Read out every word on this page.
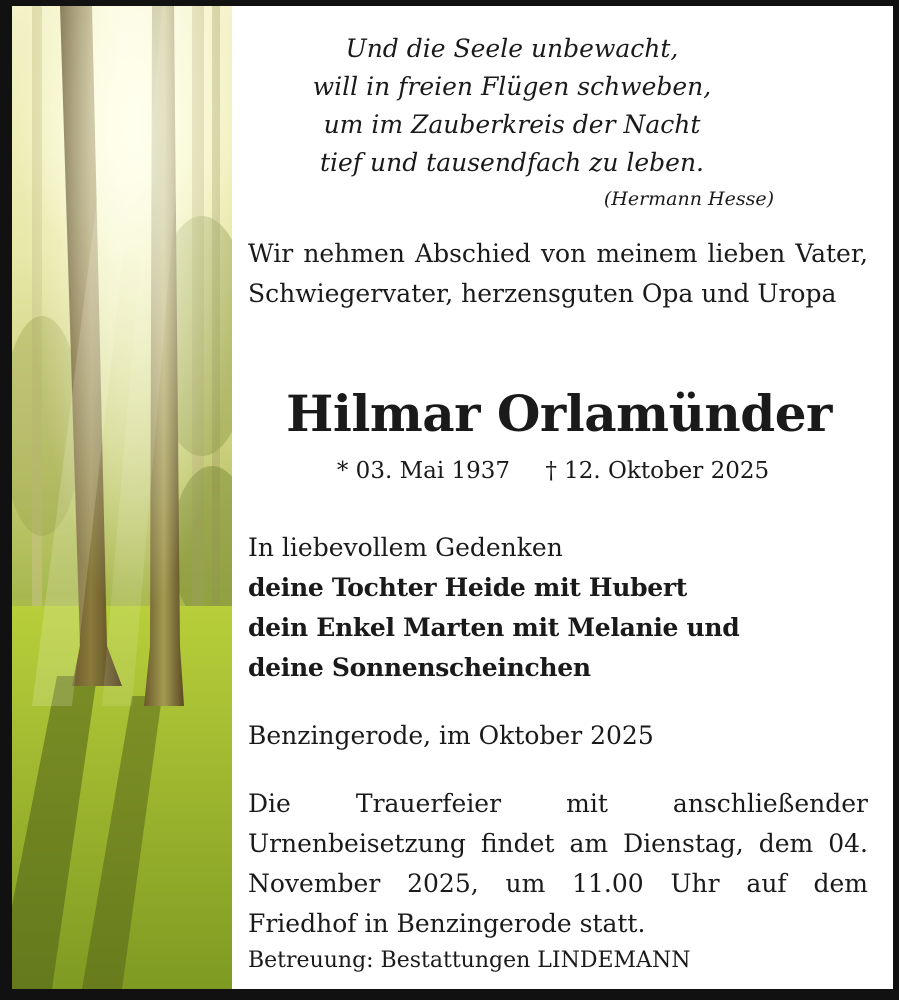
Und die Seele unbewacht,
will in freien Flügen schweben,
um im Zauberkreis der Nacht
tief und tausendfach zu leben.
(Hermann Hesse)
Wir nehmen Abschied von meinem lieben Vater, Schwiegervater, herzensguten Opa und Uropa
Hilmar Orlamünder
* 03. Mai 1937 † 12. Oktober 2025
In liebevollem Gedenken
deine Tochter Heide mit Hubert
dein Enkel Marten mit Melanie und
deine Sonnenscheinchen
Benzingerode, im Oktober 2025
Die Trauerfeier mit anschließender Urnenbeisetzung findet am Dienstag, dem 04. November 2025, um 11.00 Uhr auf dem Friedhof in Benzingerode statt.
Betreuung: Bestattungen LINDEMANN
